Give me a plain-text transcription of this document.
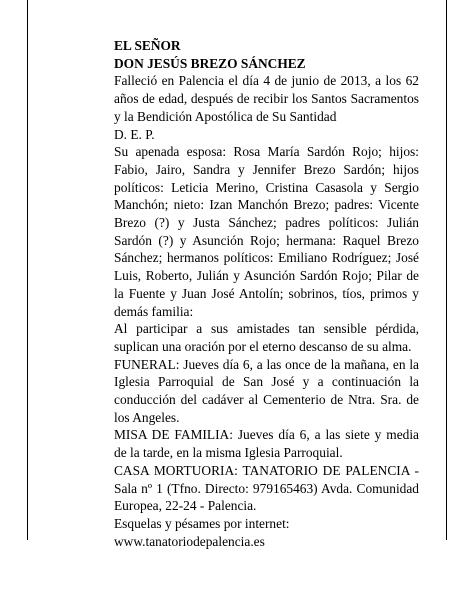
EL SEÑOR

DON JESÚS BREZO SÁNCHEZ

Falleció en Palencia el día 4 de junio de 2013, a los 62 años de edad, después de recibir los Santos Sacramentos y la Bendición Apostólica de Su Santidad

D. E. P.

Su apenada esposa: Rosa María Sardón Rojo; hijos: Fabio, Jairo, Sandra y Jennifer Brezo Sardón; hijos políticos: Leticia Merino, Cristina Casasola y Sergio Manchón; nieto: Izan Manchón Brezo; padres: Vicente Brezo (?) y Justa Sánchez; padres políticos: Julián Sardón (?) y Asunción Rojo; hermana: Raquel Brezo Sánchez; hermanos políticos: Emiliano Rodríguez; José Luis, Roberto, Julián y Asunción Sardón Rojo; Pilar de la Fuente y Juan José Antolín; sobrinos, tíos, primos y demás familia:

Al participar a sus amistades tan sensible pérdida, suplican una oración por el eterno descanso de su alma.

FUNERAL: Jueves día 6, a las once de la mañana, en la Iglesia Parroquial de San José y a continuación la conducción del cadáver al Cementerio de Ntra. Sra. de los Angeles.

MISA DE FAMILIA: Jueves día 6, a las siete y media de la tarde, en la misma Iglesia Parroquial.

CASA MORTUORIA: TANATORIO DE PALENCIA - Sala nº 1 (Tfno. Directo: 979165463) Avda. Comunidad Europea, 22-24 - Palencia.

Esquelas y pésames por internet:

www.tanatoriodepalencia.es
